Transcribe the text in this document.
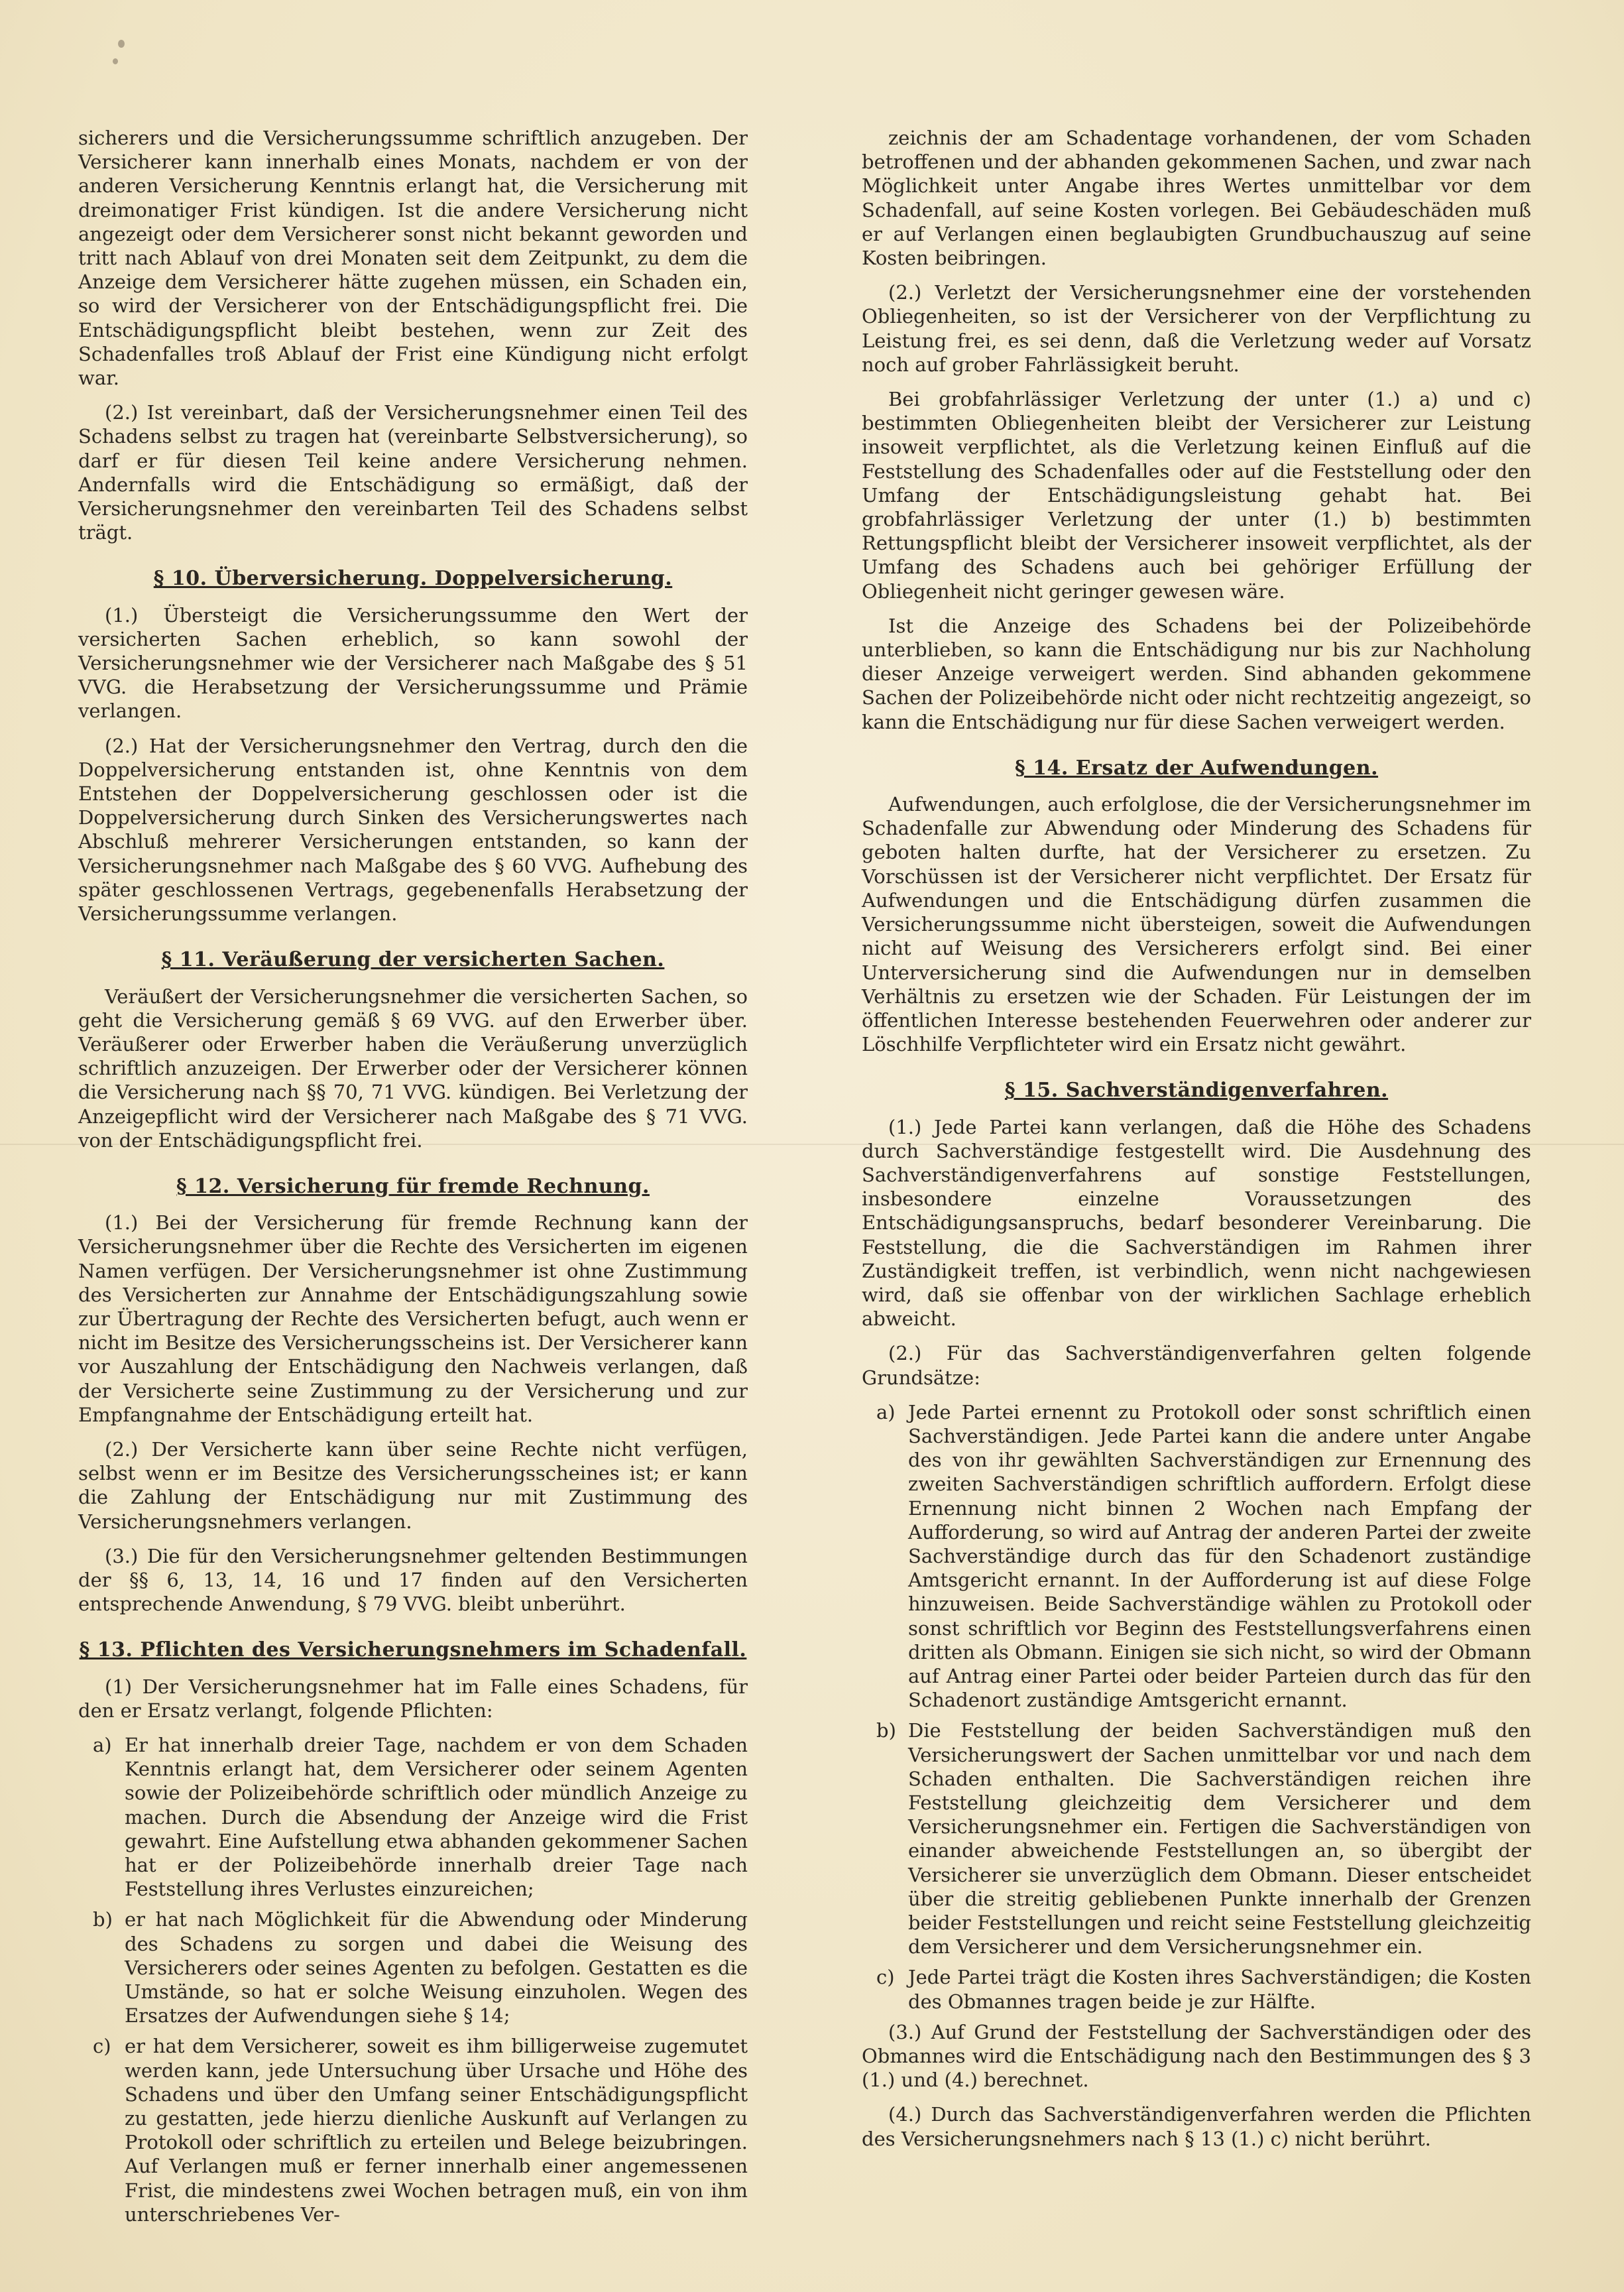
sicherers und die Versicherungssumme schriftlich anzugeben. Der Versicherer kann innerhalb eines Monats, nachdem er von der anderen Versicherung Kenntnis erlangt hat, die Versicherung mit dreimonatiger Frist kündigen. Ist die andere Versicherung nicht angezeigt oder dem Versicherer sonst nicht bekannt geworden und tritt nach Ablauf von drei Monaten seit dem Zeitpunkt, zu dem die Anzeige dem Versicherer hätte zugehen müssen, ein Schaden ein, so wird der Versicherer von der Entschädigungspflicht frei. Die Entschädigungspflicht bleibt bestehen, wenn zur Zeit des Schadenfalles troß Ablauf der Frist eine Kündigung nicht erfolgt war.

(2.) Ist vereinbart, daß der Versicherungsnehmer einen Teil des Schadens selbst zu tragen hat (vereinbarte Selbstversicherung), so darf er für diesen Teil keine andere Versicherung nehmen. Andernfalls wird die Entschädigung so ermäßigt, daß der Versicherungsnehmer den vereinbarten Teil des Schadens selbst trägt.

§ 10. Überversicherung. Doppelversicherung.

(1.) Übersteigt die Versicherungssumme den Wert der versicherten Sachen erheblich, so kann sowohl der Versicherungsnehmer wie der Versicherer nach Maßgabe des § 51 VVG. die Herabsetzung der Versicherungssumme und Prämie verlangen.

(2.) Hat der Versicherungsnehmer den Vertrag, durch den die Doppelversicherung entstanden ist, ohne Kenntnis von dem Entstehen der Doppelversicherung geschlossen oder ist die Doppelversicherung durch Sinken des Versicherungswertes nach Abschluß mehrerer Versicherungen entstanden, so kann der Versicherungsnehmer nach Maßgabe des § 60 VVG. Aufhebung des später geschlossenen Vertrags, gegebenenfalls Herabsetzung der Versicherungssumme verlangen.

§ 11. Veräußerung der versicherten Sachen.

Veräußert der Versicherungsnehmer die versicherten Sachen, so geht die Versicherung gemäß § 69 VVG. auf den Erwerber über. Veräußerer oder Erwerber haben die Veräußerung unverzüglich schriftlich anzuzeigen. Der Erwerber oder der Versicherer können die Versicherung nach §§ 70, 71 VVG. kündigen. Bei Verletzung der Anzeigepflicht wird der Versicherer nach Maßgabe des § 71 VVG. von der Entschädigungspflicht frei.

§ 12. Versicherung für fremde Rechnung.

(1.) Bei der Versicherung für fremde Rechnung kann der Versicherungsnehmer über die Rechte des Versicherten im eigenen Namen verfügen. Der Versicherungsnehmer ist ohne Zustimmung des Versicherten zur Annahme der Entschädigungszahlung sowie zur Übertragung der Rechte des Versicherten befugt, auch wenn er nicht im Besitze des Versicherungsscheins ist. Der Versicherer kann vor Auszahlung der Entschädigung den Nachweis verlangen, daß der Versicherte seine Zustimmung zu der Versicherung und zur Empfangnahme der Entschädigung erteilt hat.

(2.) Der Versicherte kann über seine Rechte nicht verfügen, selbst wenn er im Besitze des Versicherungsscheines ist; er kann die Zahlung der Entschädigung nur mit Zustimmung des Versicherungsnehmers verlangen.

(3.) Die für den Versicherungsnehmer geltenden Bestimmungen der §§ 6, 13, 14, 16 und 17 finden auf den Versicherten entsprechende Anwendung, § 79 VVG. bleibt unberührt.

§ 13. Pflichten des Versicherungsnehmers im Schadenfall.

(1) Der Versicherungsnehmer hat im Falle eines Schadens, für den er Ersatz verlangt, folgende Pflichten:

a) Er hat innerhalb dreier Tage, nachdem er von dem Schaden Kenntnis erlangt hat, dem Versicherer oder seinem Agenten sowie der Polizeibehörde schriftlich oder mündlich Anzeige zu machen. Durch die Absendung der Anzeige wird die Frist gewahrt. Eine Aufstellung etwa abhanden gekommener Sachen hat er der Polizeibehörde innerhalb dreier Tage nach Feststellung ihres Verlustes einzureichen;
b) er hat nach Möglichkeit für die Abwendung oder Minderung des Schadens zu sorgen und dabei die Weisung des Versicherers oder seines Agenten zu befolgen. Gestatten es die Umstände, so hat er solche Weisung einzuholen. Wegen des Ersatzes der Aufwendungen siehe § 14;
c) er hat dem Versicherer, soweit es ihm billigerweise zugemutet werden kann, jede Untersuchung über Ursache und Höhe des Schadens und über den Umfang seiner Entschädigungspflicht zu gestatten, jede hierzu dienliche Auskunft auf Verlangen zu Protokoll oder schriftlich zu erteilen und Belege beizubringen. Auf Verlangen muß er ferner innerhalb einer angemessenen Frist, die mindestens zwei Wochen betragen muß, ein von ihm unterschriebenes Ver-

zeichnis der am Schadentage vorhandenen, der vom Schaden betroffenen und der abhanden gekommenen Sachen, und zwar nach Möglichkeit unter Angabe ihres Wertes unmittelbar vor dem Schadenfall, auf seine Kosten vorlegen. Bei Gebäudeschäden muß er auf Verlangen einen beglaubigten Grundbuchauszug auf seine Kosten beibringen.

(2.) Verletzt der Versicherungsnehmer eine der vorstehenden Obliegenheiten, so ist der Versicherer von der Verpflichtung zu Leistung frei, es sei denn, daß die Verletzung weder auf Vorsatz noch auf grober Fahrlässigkeit beruht.

Bei grobfahrlässiger Verletzung der unter (1.) a) und c) bestimmten Obliegenheiten bleibt der Versicherer zur Leistung insoweit verpflichtet, als die Verletzung keinen Einfluß auf die Feststellung des Schadenfalles oder auf die Feststellung oder den Umfang der Entschädigungsleistung gehabt hat. Bei grobfahrlässiger Verletzung der unter (1.) b) bestimmten Rettungspflicht bleibt der Versicherer insoweit verpflichtet, als der Umfang des Schadens auch bei gehöriger Erfüllung der Obliegenheit nicht geringer gewesen wäre.

Ist die Anzeige des Schadens bei der Polizeibehörde unterblieben, so kann die Entschädigung nur bis zur Nachholung dieser Anzeige verweigert werden. Sind abhanden gekommene Sachen der Polizeibehörde nicht oder nicht rechtzeitig angezeigt, so kann die Entschädigung nur für diese Sachen verweigert werden.

§ 14. Ersatz der Aufwendungen.

Aufwendungen, auch erfolglose, die der Versicherungsnehmer im Schadenfalle zur Abwendung oder Minderung des Schadens für geboten halten durfte, hat der Versicherer zu ersetzen. Zu Vorschüssen ist der Versicherer nicht verpflichtet. Der Ersatz für Aufwendungen und die Entschädigung dürfen zusammen die Versicherungssumme nicht übersteigen, soweit die Aufwendungen nicht auf Weisung des Versicherers erfolgt sind. Bei einer Unterversicherung sind die Aufwendungen nur in demselben Verhältnis zu ersetzen wie der Schaden. Für Leistungen der im öffentlichen Interesse bestehenden Feuerwehren oder anderer zur Löschhilfe Verpflichteter wird ein Ersatz nicht gewährt.

§ 15. Sachverständigenverfahren.

(1.) Jede Partei kann verlangen, daß die Höhe des Schadens durch Sachverständige festgestellt wird. Die Ausdehnung des Sachverständigenverfahrens auf sonstige Feststellungen, insbesondere einzelne Voraussetzungen des Entschädigungsanspruchs, bedarf besonderer Vereinbarung. Die Feststellung, die die Sachverständigen im Rahmen ihrer Zuständigkeit treffen, ist verbindlich, wenn nicht nachgewiesen wird, daß sie offenbar von der wirklichen Sachlage erheblich abweicht.

(2.) Für das Sachverständigenverfahren gelten folgende Grundsätze:

a) Jede Partei ernennt zu Protokoll oder sonst schriftlich einen Sachverständigen. Jede Partei kann die andere unter Angabe des von ihr gewählten Sachverständigen zur Ernennung des zweiten Sachverständigen schriftlich auffordern. Erfolgt diese Ernennung nicht binnen 2 Wochen nach Empfang der Aufforderung, so wird auf Antrag der anderen Partei der zweite Sachverständige durch das für den Schadenort zuständige Amtsgericht ernannt. In der Aufforderung ist auf diese Folge hinzuweisen. Beide Sachverständige wählen zu Protokoll oder sonst schriftlich vor Beginn des Feststellungsverfahrens einen dritten als Obmann. Einigen sie sich nicht, so wird der Obmann auf Antrag einer Partei oder beider Parteien durch das für den Schadenort zuständige Amtsgericht ernannt.
b) Die Feststellung der beiden Sachverständigen muß den Versicherungswert der Sachen unmittelbar vor und nach dem Schaden enthalten. Die Sachverständigen reichen ihre Feststellung gleichzeitig dem Versicherer und dem Versicherungsnehmer ein. Fertigen die Sachverständigen von einander abweichende Feststellungen an, so übergibt der Versicherer sie unverzüglich dem Obmann. Dieser entscheidet über die streitig gebliebenen Punkte innerhalb der Grenzen beider Feststellungen und reicht seine Feststellung gleichzeitig dem Versicherer und dem Versicherungsnehmer ein.
c) Jede Partei trägt die Kosten ihres Sachverständigen; die Kosten des Obmannes tragen beide je zur Hälfte.

(3.) Auf Grund der Feststellung der Sachverständigen oder des Obmannes wird die Entschädigung nach den Bestimmungen des § 3 (1.) und (4.) berechnet.

(4.) Durch das Sachverständigenverfahren werden die Pflichten des Versicherungsnehmers nach § 13 (1.) c) nicht berührt.
